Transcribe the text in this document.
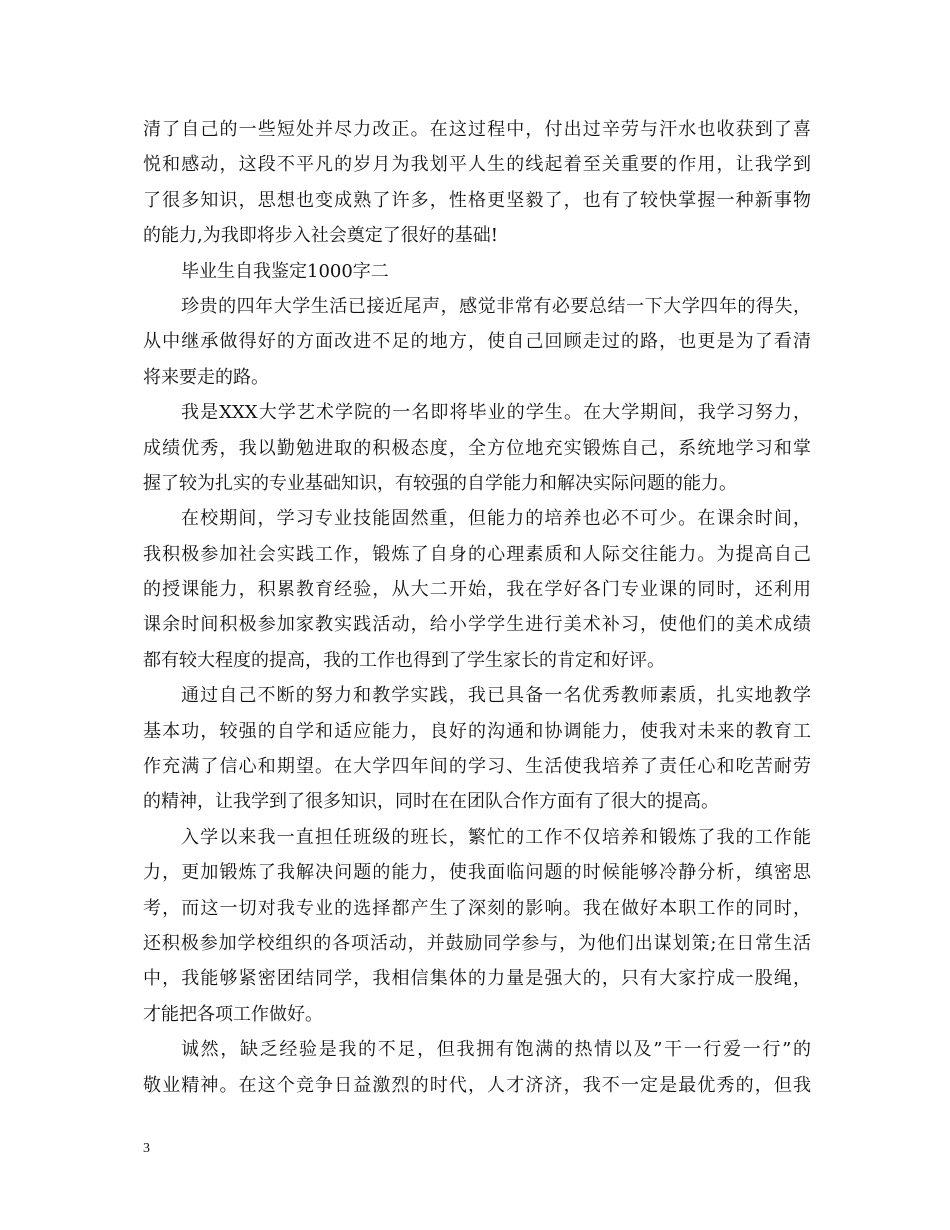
清了自己的一些短处并尽力改正。在这过程中，付出过辛劳与汗水也收获到了喜
悦和感动，这段不平凡的岁月为我划平人生的线起着至关重要的作用，让我学到
了很多知识，思想也变成熟了许多，性格更坚毅了，也有了较快掌握一种新事物
的能力,为我即将步入社会奠定了很好的基础!
毕业生自我鉴定1000字二
珍贵的四年大学生活已接近尾声，感觉非常有必要总结一下大学四年的得失，
从中继承做得好的方面改进不足的地方，使自己回顾走过的路，也更是为了看清
将来要走的路。
我是XXX大学艺术学院的一名即将毕业的学生。在大学期间，我学习努力，
成绩优秀，我以勤勉进取的积极态度，全方位地充实锻炼自己，系统地学习和掌
握了较为扎实的专业基础知识，有较强的自学能力和解决实际问题的能力。
在校期间，学习专业技能固然重，但能力的培养也必不可少。在课余时间，
我积极参加社会实践工作，锻炼了自身的心理素质和人际交往能力。为提高自己
的授课能力，积累教育经验，从大二开始，我在学好各门专业课的同时，还利用
课余时间积极参加家教实践活动，给小学学生进行美术补习，使他们的美术成绩
都有较大程度的提高，我的工作也得到了学生家长的肯定和好评。
通过自己不断的努力和教学实践，我已具备一名优秀教师素质，扎实地教学
基本功，较强的自学和适应能力，良好的沟通和协调能力，使我对未来的教育工
作充满了信心和期望。在大学四年间的学习、生活使我培养了责任心和吃苦耐劳
的精神，让我学到了很多知识，同时在在团队合作方面有了很大的提高。
入学以来我一直担任班级的班长，繁忙的工作不仅培养和锻炼了我的工作能
力，更加锻炼了我解决问题的能力，使我面临问题的时候能够冷静分析，缜密思
考，而这一切对我专业的选择都产生了深刻的影响。我在做好本职工作的同时，
还积极参加学校组织的各项活动，并鼓励同学参与，为他们出谋划策;在日常生活
中，我能够紧密团结同学，我相信集体的力量是强大的，只有大家拧成一股绳，
才能把各项工作做好。
诚然，缺乏经验是我的不足，但我拥有饱满的热情以及”干一行爱一行”的
敬业精神。在这个竞争日益激烈的时代，人才济济，我不一定是最优秀的，但我
3
